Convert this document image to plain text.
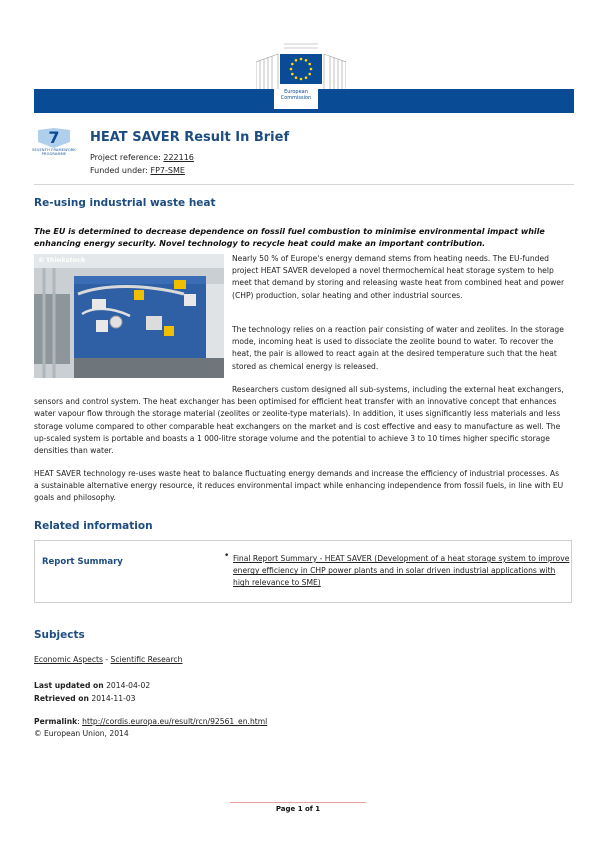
European
Commission
7
SEVENTH FRAMEWORK PROGRAMME
HEAT SAVER Result In Brief
Project reference: 222116
Funded under: FP7-SME
Re-using industrial waste heat
The EU is determined to decrease dependence on fossil fuel combustion to minimise environmental impact while enhancing energy security. Novel technology to recycle heat could make an important contribution.
© thinkstock	Nearly 50 % of Europe's energy demand stems from heating needs. The EU-funded project HEAT SAVER developed a novel thermochemical heat storage system to help meet that demand by storing and releasing waste heat from combined heat and power (CHP) production, solar heating and other industrial sources.
The technology relies on a reaction pair consisting of water and zeolites. In the storage mode, incoming heat is used to dissociate the zeolite bound to water. To recover the heat, the pair is allowed to react again at the desired temperature such that the heat stored as chemical energy is released.
Researchers custom designed all sub-systems, including the external heat exchangers, sensors and control system. The heat exchanger has been optimised for efficient heat transfer with an innovative concept that enhances water vapour flow through the storage material (zeolites or zeolite-type materials). In addition, it uses significantly less materials and less storage volume compared to other comparable heat exchangers on the market and is cost effective and easy to manufacture as well. The up-scaled system is portable and boasts a 1 000-litre storage volume and the potential to achieve 3 to 10 times higher specific storage densities than water.
HEAT SAVER technology re-uses waste heat to balance fluctuating energy demands and increase the efficiency of industrial processes. As a sustainable alternative energy resource, it reduces environmental impact while enhancing independence from fossil fuels, in line with EU goals and philosophy.
Related information
Report Summary
• Final Report Summary - HEAT SAVER (Development of a heat storage system to improve energy efficiency in CHP power plants and in solar driven industrial applications with high relevance to SME)
Subjects
Economic Aspects - Scientific Research
Last updated on 2014-04-02
Retrieved on 2014-11-03
Permalink: http://cordis.europa.eu/result/rcn/92561_en.html
© European Union, 2014
Page 1 of 1
